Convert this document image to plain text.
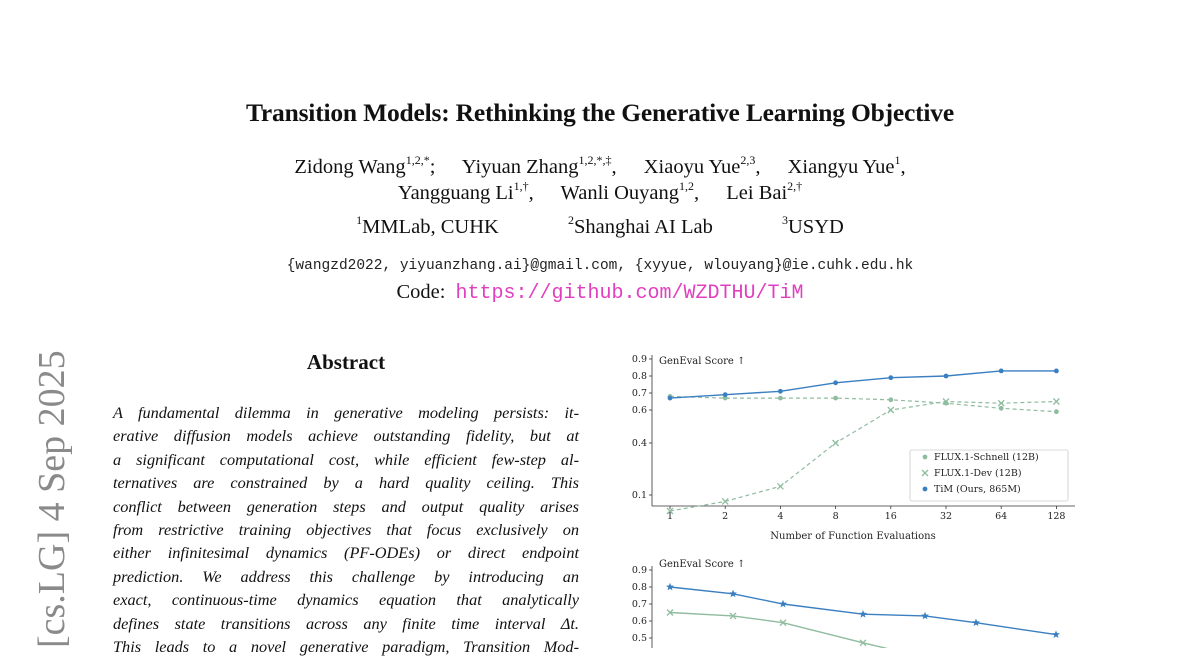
Transition Models: Rethinking the Generative Learning Objective
Zidong Wang$^{1,2,*}$; Yiyuan Zhang$^{1,2,*,\ddagger}$, Xiaoyu Yue$^{2,3}$, Xiangyu Yue$^1$,
Yangguang $Li^{1,\dagger}$, Wanli Ouyang$^{1,2}$, Lei Bai$^{2,\dagger}$
$^1$MMLab, CUHK	$^2$Shanghai AI Lab	$^3$USYD
{wangzd2022, yiyuanzhang.ai}@gmail.com, {xyyue, wlouyang}@ie.cuhk.edu.hk
Code: https://github.com/WZDTHU/TiM
[cs.LG] 4 Sep 2025	Abstract
A fundamental dilemma in generative modeling persists: it-
erative diffusion models achieve outstanding fidelity, but at
a significant computational cost, while efficient few-step al-
ternatives are constrained by a hard quality ceiling. This
conflict between generation steps and output quality arises
from restrictive training objectives that focus exclusively on
either infinitesimal dynamics (PF-ODEs) or direct endpoint
prediction. We address this challenge by introducing an
exact, continuous-time dynamics equation that analytically
defines state transitions across any finite time interval Δt.
This leads to a novel generative paradigm, Transition Mod-
0.1
0.4
0.6
0.7
0.8
0.9
1	2	4	8	16	32	64	128
GenEval Score ↑
Number of Function Evaluations
FLUX.1-Schnell (12B)
FLUX.1-Dev (12B)
TiM (Ours, 865M)
0.5
0.6
0.7
0.8
0.9
GenEval Score ↑
